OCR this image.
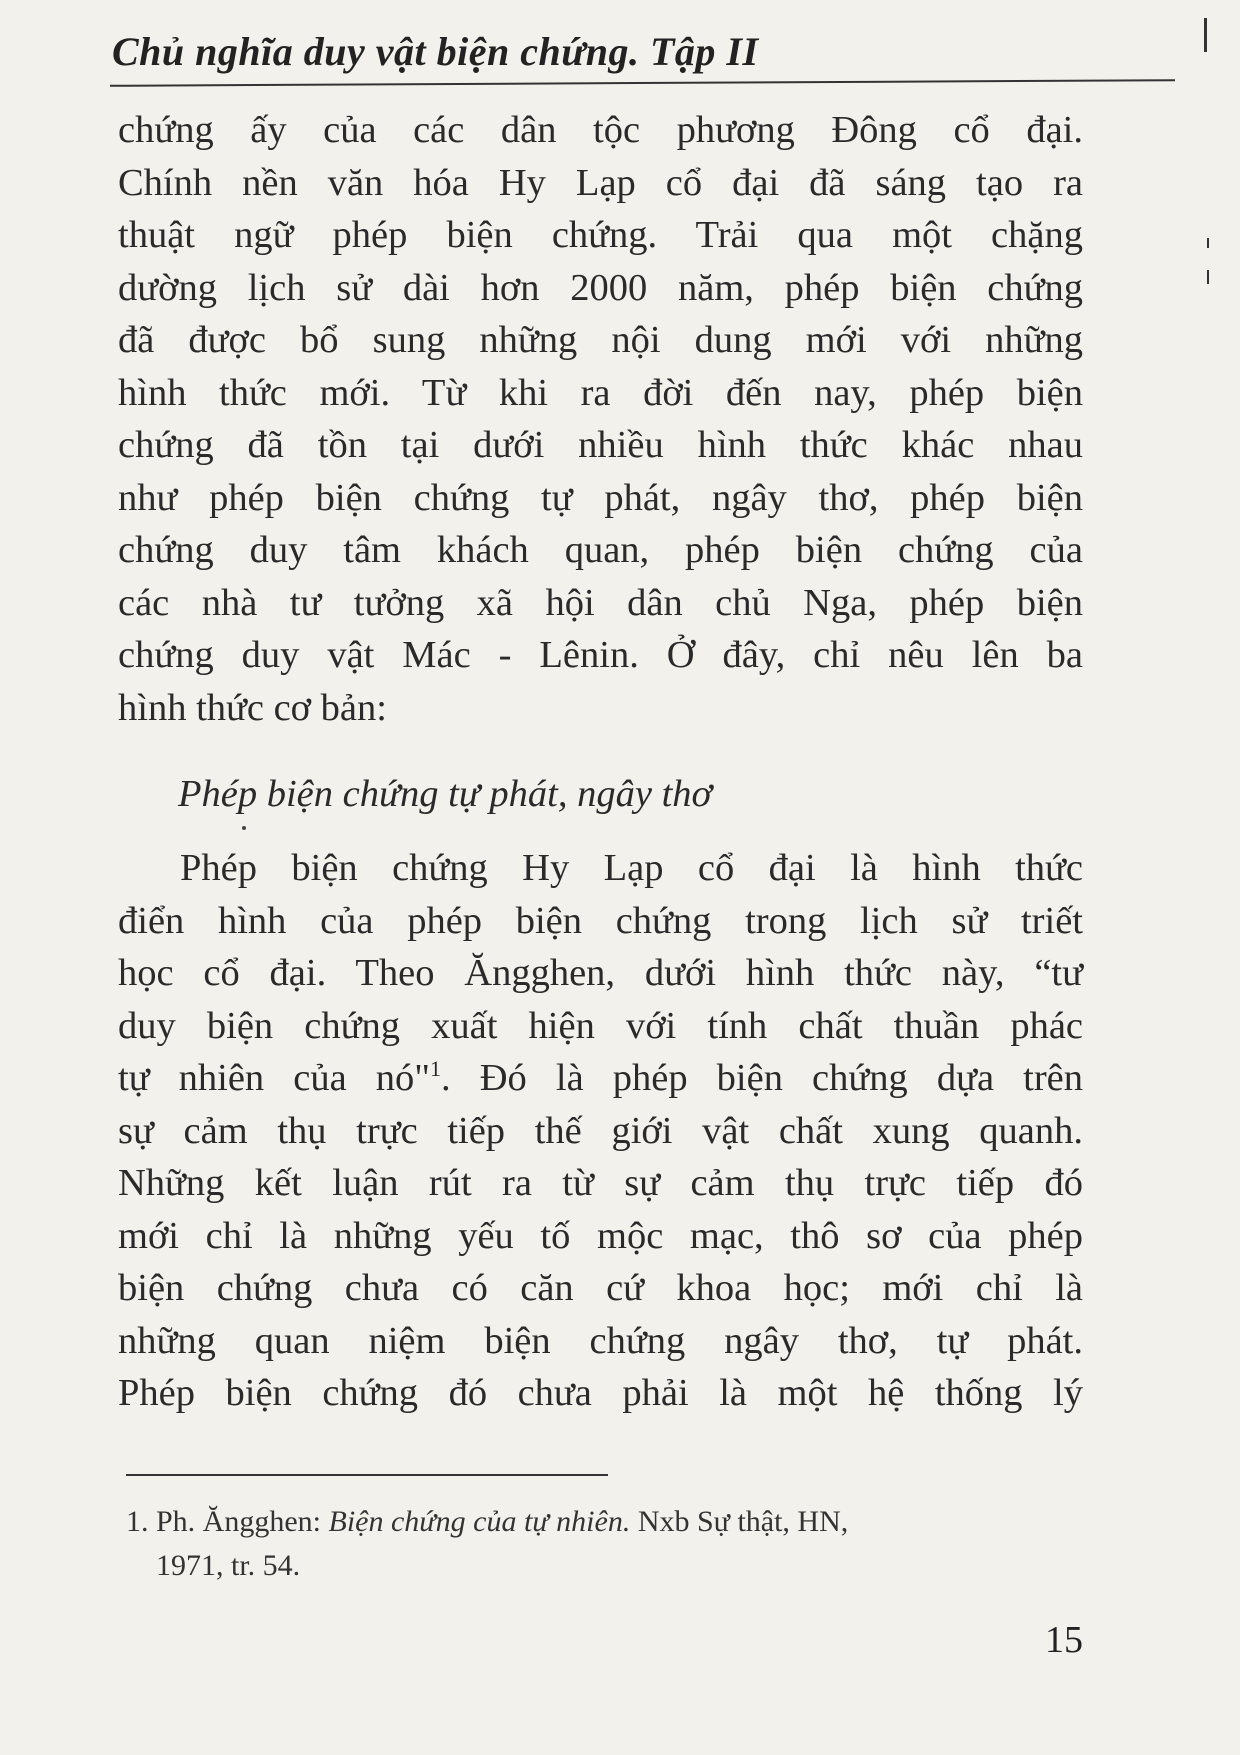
Chủ nghĩa duy vật biện chứng. Tập II
chứng ấy của các dân tộc phương Đông cổ đại.
Chính nền văn hóa Hy Lạp cổ đại đã sáng tạo ra
thuật ngữ phép biện chứng. Trải qua một chặng
dường lịch sử dài hơn 2000 năm, phép biện chứng
đã được bổ sung những nội dung mới với những
hình thức mới. Từ khi ra đời đến nay, phép biện
chứng đã tồn tại dưới nhiều hình thức khác nhau
như phép biện chứng tự phát, ngây thơ, phép biện
chứng duy tâm khách quan, phép biện chứng của
các nhà tư tưởng xã hội dân chủ Nga, phép biện
chứng duy vật Mác - Lênin. Ở đây, chỉ nêu lên ba
hình thức cơ bản:
Phép biện chứng tự phát, ngây thơ
Phép biện chứng Hy Lạp cổ đại là hình thức
điển hình của phép biện chứng trong lịch sử triết
học cổ đại. Theo Ăngghen, dưới hình thức này, “tư
duy biện chứng xuất hiện với tính chất thuần phác
tự nhiên của nó"$^1$. Đó là phép biện chứng dựa trên
sự cảm thụ trực tiếp thế giới vật chất xung quanh.
Những kết luận rút ra từ sự cảm thụ trực tiếp đó
mới chỉ là những yếu tố mộc mạc, thô sơ của phép
biện chứng chưa có căn cứ khoa học; mới chỉ là
những quan niệm biện chứng ngây thơ, tự phát.
Phép biện chứng đó chưa phải là một hệ thống lý
1. Ph. Ăngghen: Biện chứng của tự nhiên. Nxb Sự thật, HN,
1971, tr. 54.
15
